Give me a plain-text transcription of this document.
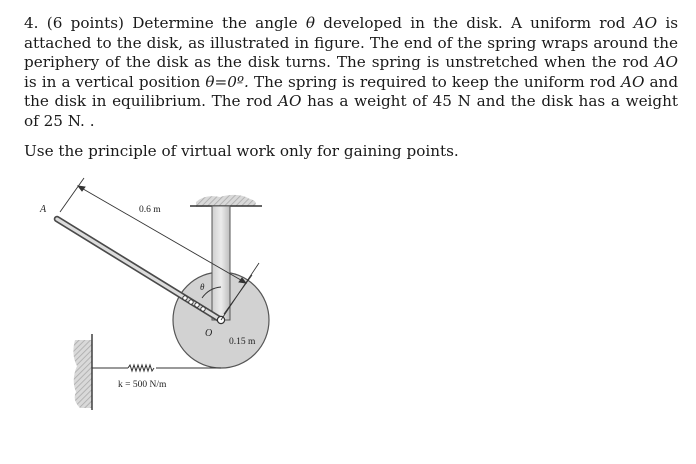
4. (6 points) Determine the angle θ developed in the disk. A uniform rod AO is attached to the disk, as illustrated in figure. The end of the spring wraps around the periphery of the disk as the disk turns. The spring is unstretched when the rod AO is in a vertical position θ=0º. The spring is required to keep the uniform rod AO and the disk in equilibrium. The rod AO has a weight of 45 N and the disk has a weight of 25 N. .

Use the principle of virtual work only for gaining points.

A
O
θ
0.6 m
0.15 m
k = 500 N/m
